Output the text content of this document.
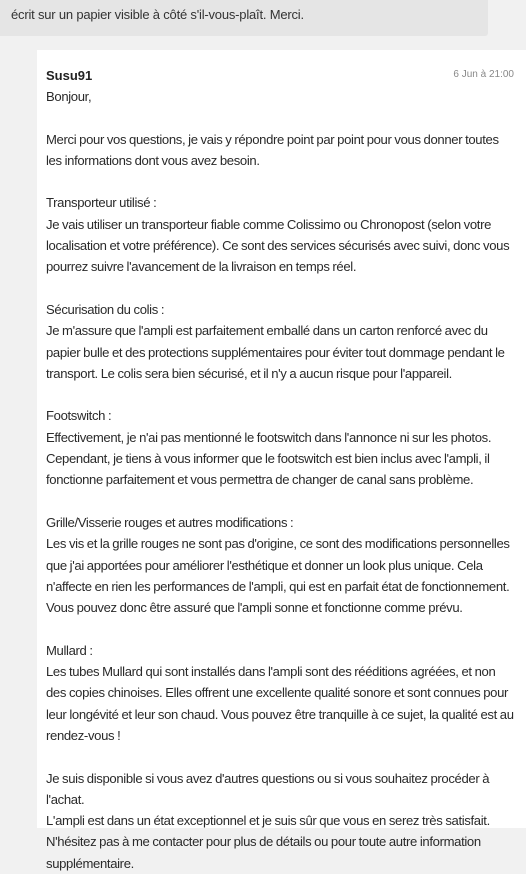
écrit sur un papier visible à côté s'il-vous-plaît. Merci.
Susu91	6 Jun à 21:00

Bonjour,

Merci pour vos questions, je vais y répondre point par point pour vous donner toutes les informations dont vous avez besoin.

Transporteur utilisé :

Je vais utiliser un transporteur fiable comme Colissimo ou Chronopost (selon votre localisation et votre préférence). Ce sont des services sécurisés avec suivi, donc vous pourrez suivre l'avancement de la livraison en temps réel.

Sécurisation du colis :

Je m'assure que l'ampli est parfaitement emballé dans un carton renforcé avec du papier bulle et des protections supplémentaires pour éviter tout dommage pendant le transport. Le colis sera bien sécurisé, et il n'y a aucun risque pour l'appareil.

Footswitch :

Effectivement, je n'ai pas mentionné le footswitch dans l'annonce ni sur les photos. Cependant, je tiens à vous informer que le footswitch est bien inclus avec l'ampli, il fonctionne parfaitement et vous permettra de changer de canal sans problème.

Grille/Visserie rouges et autres modifications :

Les vis et la grille rouges ne sont pas d'origine, ce sont des modifications personnelles que j'ai apportées pour améliorer l'esthétique et donner un look plus unique. Cela n'affecte en rien les performances de l'ampli, qui est en parfait état de fonctionnement. Vous pouvez donc être assuré que l'ampli sonne et fonctionne comme prévu.

Mullard :

Les tubes Mullard qui sont installés dans l'ampli sont des rééditions agréées, et non des copies chinoises. Elles offrent une excellente qualité sonore et sont connues pour leur longévité et leur son chaud. Vous pouvez être tranquille à ce sujet, la qualité est au rendez-vous !

Je suis disponible si vous avez d'autres questions ou si vous souhaitez procéder à l'achat.

L'ampli est dans un état exceptionnel et je suis sûr que vous en serez très satisfait. N'hésitez pas à me contacter pour plus de détails ou pour toute autre information supplémentaire.
